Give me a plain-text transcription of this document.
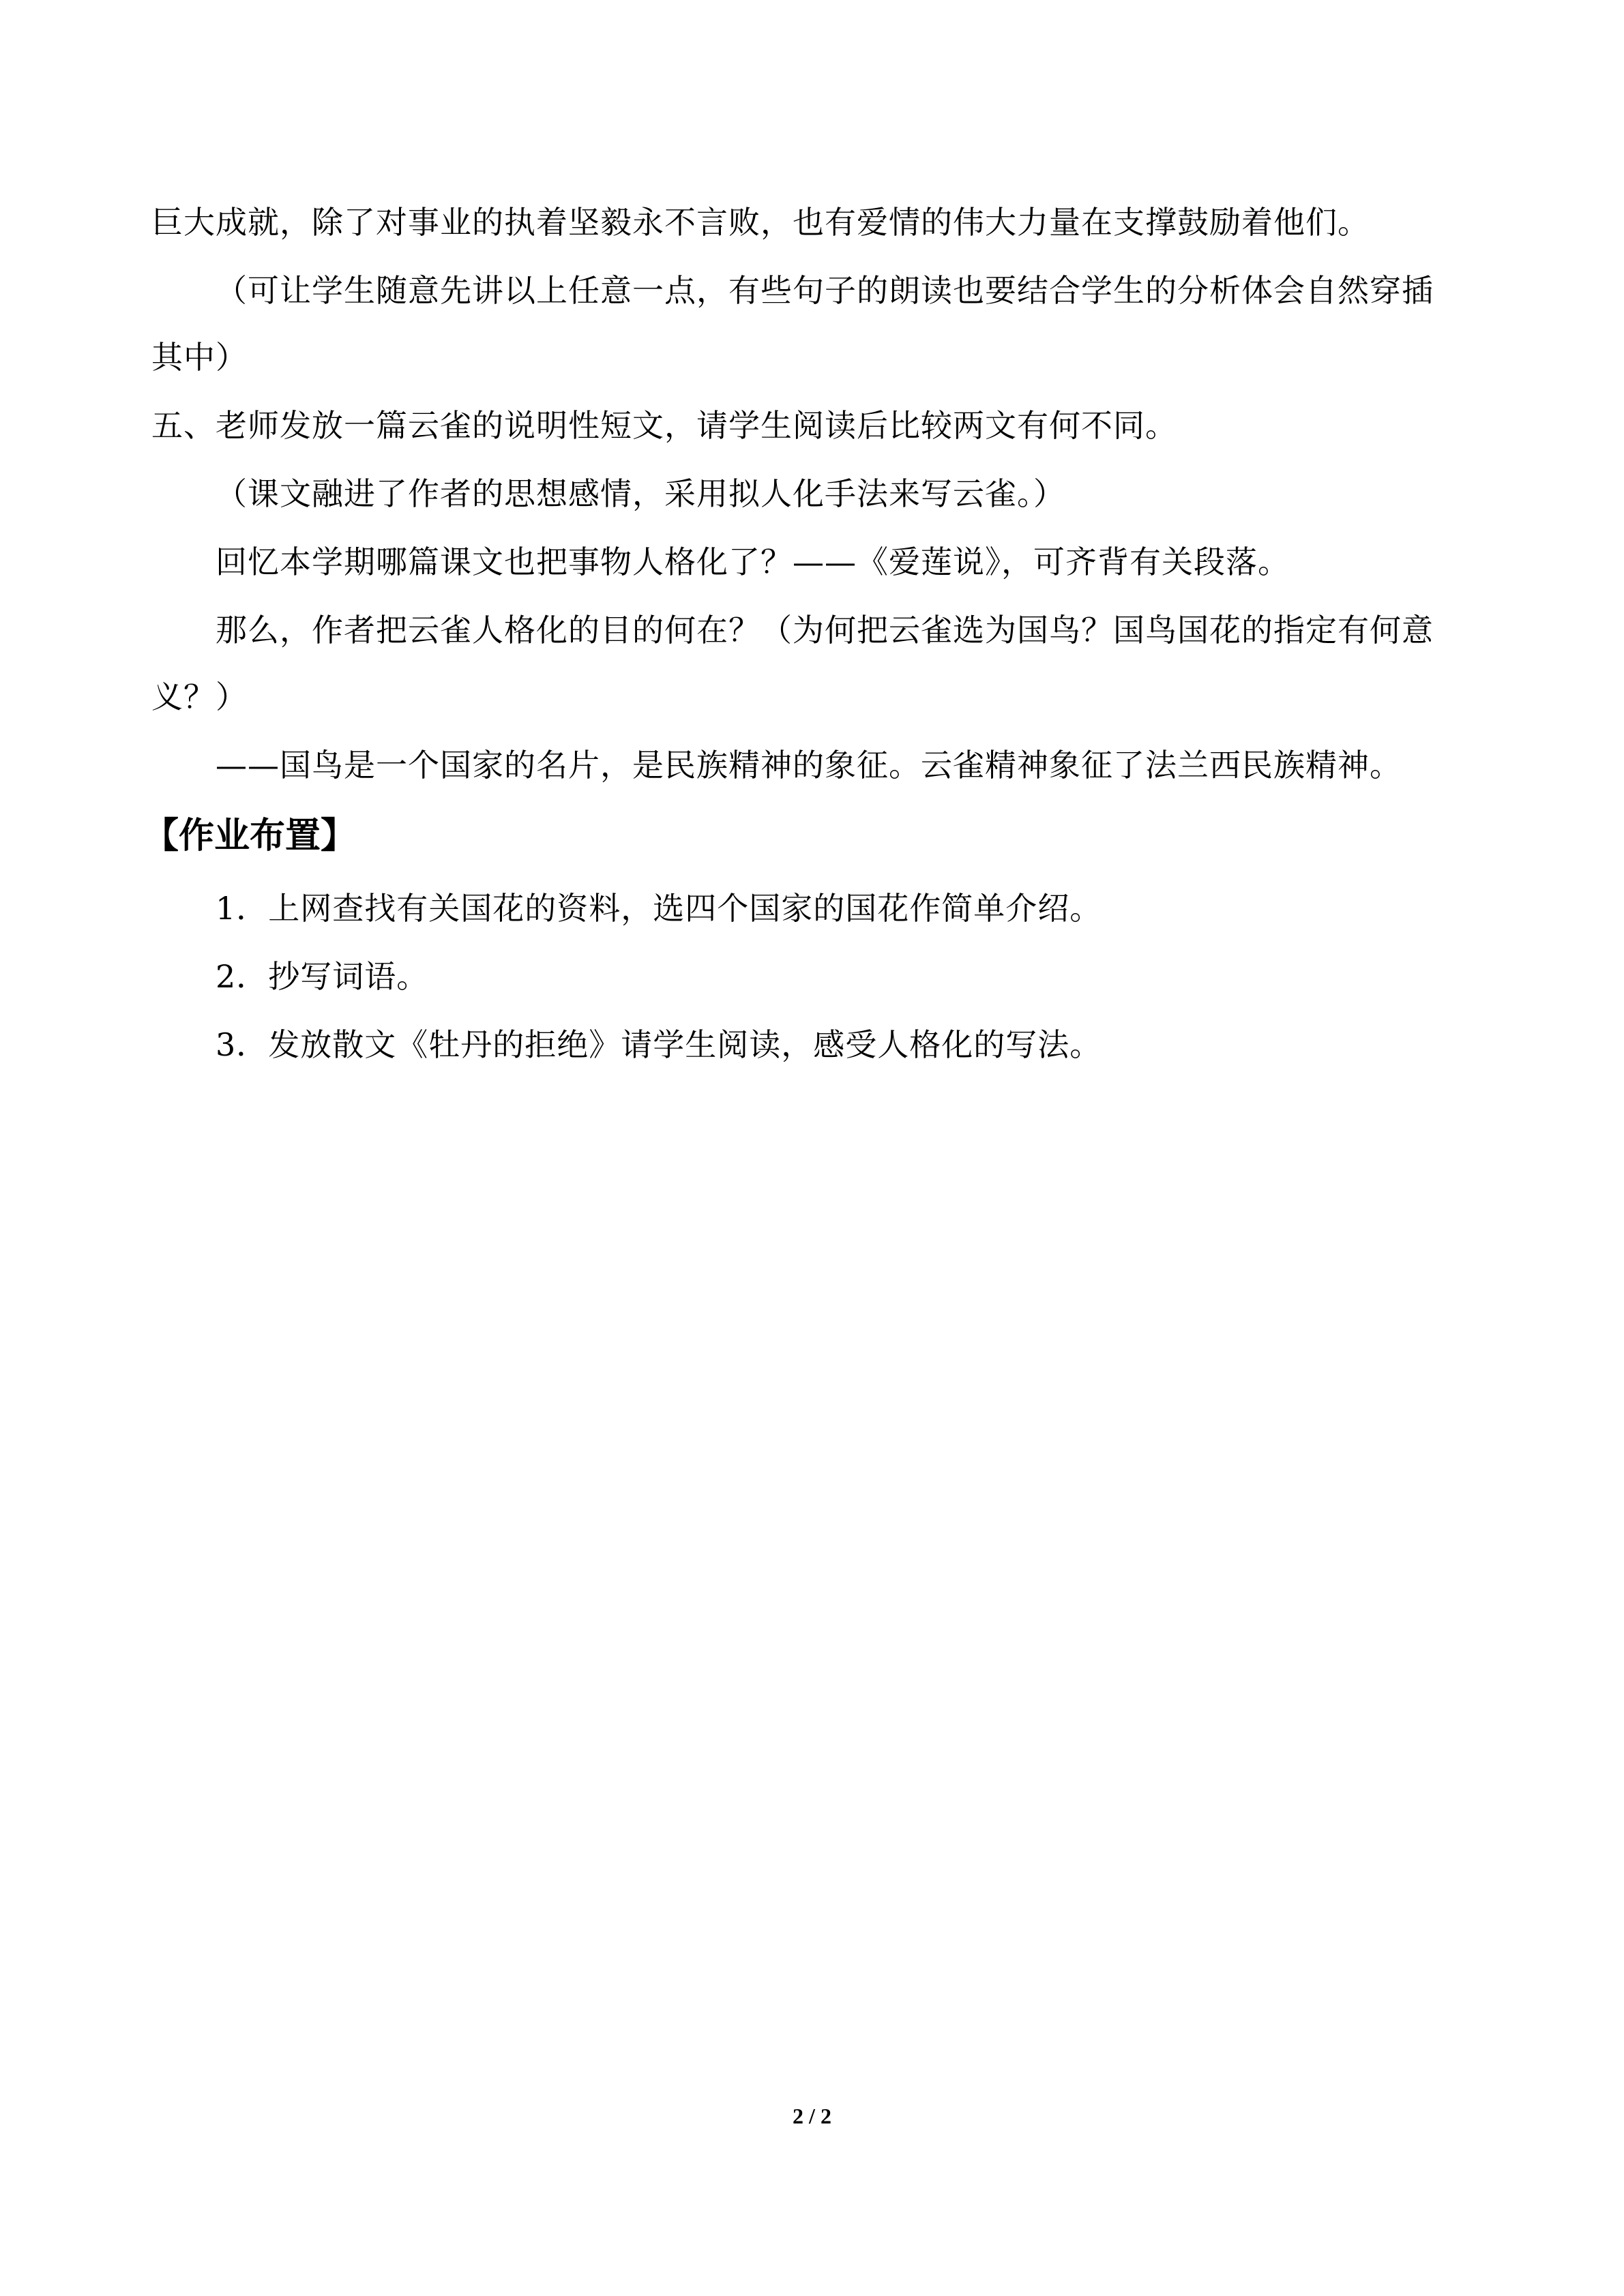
巨大成就，除了对事业的执着坚毅永不言败，也有爱情的伟大力量在支撑鼓励着他们。

（可让学生随意先讲以上任意一点，有些句子的朗读也要结合学生的分析体会自然穿插

其中）

五、老师发放一篇云雀的说明性短文，请学生阅读后比较两文有何不同。

（课文融进了作者的思想感情，采用拟人化手法来写云雀。）

回忆本学期哪篇课文也把事物人格化了？——《爱莲说》，可齐背有关段落。

那么，作者把云雀人格化的目的何在？（为何把云雀选为国鸟？国鸟国花的指定有何意

义？）

——国鸟是一个国家的名片，是民族精神的象征。云雀精神象征了法兰西民族精神。

【作业布置】

1．上网查找有关国花的资料，选四个国家的国花作简单介绍。

2．抄写词语。

3．发放散文《牡丹的拒绝》请学生阅读，感受人格化的写法。

2 / 2
